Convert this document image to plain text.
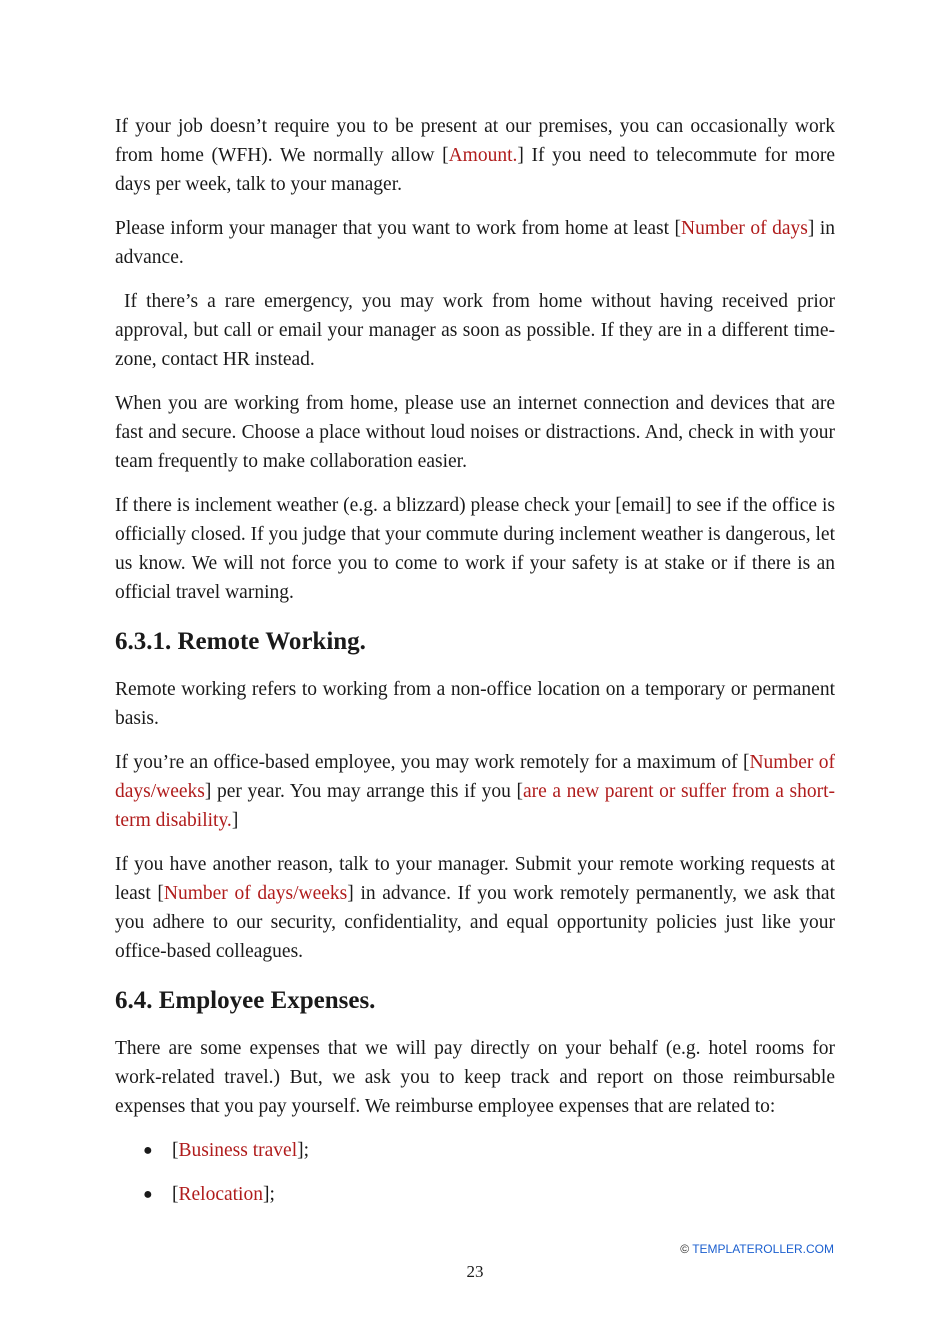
If your job doesn’t require you to be present at our premises, you can occasionally work from home (WFH). We normally allow [Amount.] If you need to telecommute for more days per week, talk to your manager.

Please inform your manager that you want to work from home at least [Number of days] in advance.

If there’s a rare emergency, you may work from home without having received prior approval, but call or email your manager as soon as possible. If they are in a different time-zone, contact HR instead.

When you are working from home, please use an internet connection and devices that are fast and secure. Choose a place without loud noises or distractions. And, check in with your team frequently to make collaboration easier.

If there is inclement weather (e.g. a blizzard) please check your [email] to see if the office is officially closed. If you judge that your commute during inclement weather is dangerous, let us know. We will not force you to come to work if your safety is at stake or if there is an official travel warning.

6.3.1. Remote Working.

Remote working refers to working from a non-office location on a temporary or permanent basis.

If you’re an office-based employee, you may work remotely for a maximum of [Number of days/weeks] per year. You may arrange this if you [are a new parent or suffer from a short-term disability.]

If you have another reason, talk to your manager. Submit your remote working requests at least [Number of days/weeks] in advance. If you work remotely permanently, we ask that you adhere to our security, confidentiality, and equal opportunity policies just like your office-based colleagues.

6.4. Employee Expenses.

There are some expenses that we will pay directly on your behalf (e.g. hotel rooms for work-related travel.) But, we ask you to keep track and report on those reimbursable expenses that you pay yourself. We reimburse employee expenses that are related to:

● [Business travel];
● [Relocation];
© TEMPLATEROLLER.COM
23
